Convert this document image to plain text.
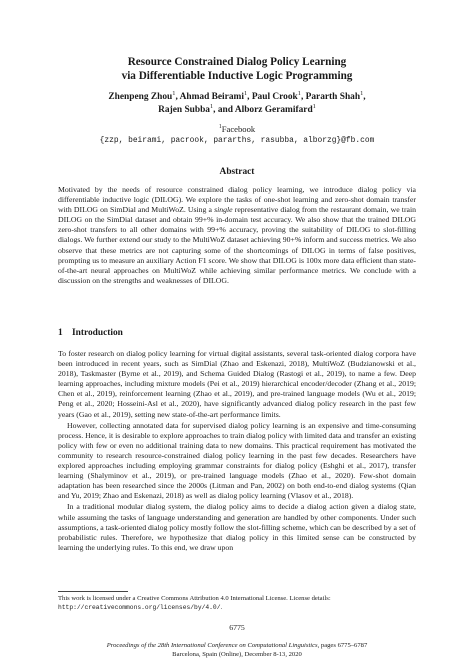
Resource Constrained Dialog Policy Learning
via Differentiable Inductive Logic Programming
Zhenpeng Zhou$^1$, Ahmad Beirami$^1$, Paul Crook$^1$, Pararth Shah$^1$,
Rajen Subba$^1$, and Alborz Geramifard$^1$
$^1$Facebook
{zzp, beirami, pacrook, pararths, rasubba, alborzg}@fb.com
Abstract
Motivated by the needs of resource constrained dialog policy learning, we introduce dialog policy via differentiable inductive logic (DILOG). We explore the tasks of one-shot learning and zero-shot domain transfer with DILOG on SimDial and MultiWoZ. Using a single representative dialog from the restaurant domain, we train DILOG on the SimDial dataset and obtain 99+% in-domain test accuracy. We also show that the trained DILOG zero-shot transfers to all other domains with 99+% accuracy, proving the suitability of DILOG to slot-filling dialogs. We further extend our study to the MultiWoZ dataset achieving 90+% inform and success metrics. We also observe that these metrics are not capturing some of the shortcomings of DILOG in terms of false positives, prompting us to measure an auxiliary Action F1 score. We show that DILOG is 100x more data efficient than state-of-the-art neural approaches on MultiWoZ while achieving similar performance metrics. We conclude with a discussion on the strengths and weaknesses of DILOG.
1 Introduction

To foster research on dialog policy learning for virtual digital assistants, several task-oriented dialog corpora have been introduced in recent years, such as SimDial (Zhao and Eskenazi, 2018), MultiWoZ (Budzianowski et al., 2018), Taskmaster (Byrne et al., 2019), and Schema Guided Dialog (Rastogi et al., 2019), to name a few. Deep learning approaches, including mixture models (Pei et al., 2019) hierarchical encoder/decoder (Zhang et al., 2019; Chen et al., 2019), reinforcement learning (Zhao et al., 2019), and pre-trained language models (Wu et al., 2019; Peng et al., 2020; Hosseini-Asl et al., 2020), have significantly advanced dialog policy research in the past few years (Gao et al., 2019), setting new state-of-the-art performance limits.

However, collecting annotated data for supervised dialog policy learning is an expensive and time-consuming process. Hence, it is desirable to explore approaches to train dialog policy with limited data and transfer an existing policy with few or even no additional training data to new domains. This practical requirement has motivated the community to research resource-constrained dialog policy learning in the past few decades. Researchers have explored approaches including employing grammar constraints for dialog policy (Eshghi et al., 2017), transfer learning (Shalyminov et al., 2019), or pre-trained language models (Zhao et al., 2020). Few-shot domain adaptation has been researched since the 2000s (Litman and Pan, 2002) on both end-to-end dialog systems (Qian and Yu, 2019; Zhao and Eskenazi, 2018) as well as dialog policy learning (Vlasov et al., 2018).

In a traditional modular dialog system, the dialog policy aims to decide a dialog action given a dialog state, while assuming the tasks of language understanding and generation are handled by other components. Under such assumptions, a task-oriented dialog policy mostly follow the slot-filling scheme, which can be described by a set of probabilistic rules. Therefore, we hypothesize that dialog policy in this limited sense can be constructed by learning the underlying rules. To this end, we draw upon

This work is licensed under a Creative Commons Attribution 4.0 International License. License details: http://creativecommons.org/licenses/by/4.0/.
6775
Proceedings of the 28th International Conference on Computational Linguistics, pages 6775–6787
Barcelona, Spain (Online), December 8-13, 2020
